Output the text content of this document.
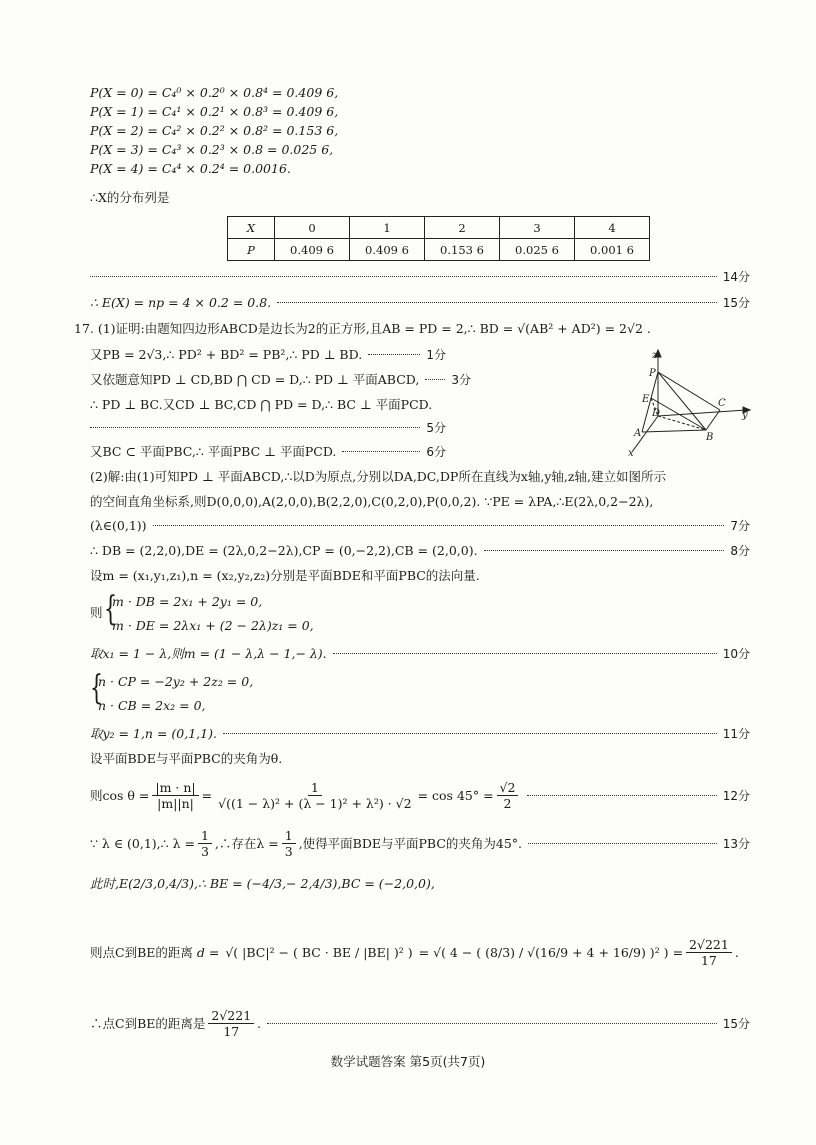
P(X = 0) = C₄⁰ × 0.2⁰ × 0.8⁴ = 0.409 6,
P(X = 1) = C₄¹ × 0.2¹ × 0.8³ = 0.409 6,
P(X = 2) = C₄² × 0.2² × 0.8² = 0.153 6,
P(X = 3) = C₄³ × 0.2³ × 0.8 = 0.025 6,
P(X = 4) = C₄⁴ × 0.2⁴ = 0.0016.
∴X的分布列是
X	0	1	2	3	4
P	0.409 6	0.409 6	0.153 6	0.025 6	0.001 6
14分
∴ E(X) = np = 4 × 0.2 = 0.8.	15分
17. (1)证明:由题知四边形ABCD是边长为2的正方形,且AB = PD = 2,∴ BD = √(AB² + AD²) = 2√2 .
又PB = 2√3,∴ PD² + BD² = PB²,∴ PD ⊥ BD.	1分
又依题意知PD ⊥ CD,BD ⋂ CD = D,∴ PD ⊥ 平面ABCD,	3分
∴ PD ⊥ BC.又CD ⊥ BC,CD ⋂ PD = D,∴ BC ⊥ 平面PCD.
5分
又BC ⊂ 平面PBC,∴ 平面PBC ⊥ 平面PCD.	6分
z
P
E
D
C
y
A	B
x
(2)解:由(1)可知PD ⊥ 平面ABCD,∴以D为原点,分别以DA,DC,DP所在直线为x轴,y轴,z轴,建立如图所示
的空间直角坐标系,则D(0,0,0),A(2,0,0),B(2,2,0),C(0,2,0),P(0,0,2). ∵PE = λPA,∴E(2λ,0,2−2λ),
(λ∈(0,1))	7分
∴ DB = (2,2,0),DE = (2λ,0,2−2λ),CP = (0,−2,2),CB = (2,0,0).	8分
设m = (x₁,y₁,z₁),n = (x₂,y₂,z₂)分别是平面BDE和平面PBC的法向量.
则 {
m · DB = 2x₁ + 2y₁ = 0,
m · DE = 2λx₁ + (2 − 2λ)z₁ = 0,
取x₁ = 1 − λ,则m = (1 − λ,λ − 1,− λ).	10分
{
n · CP = −2y₂ + 2z₂ = 0,
n · CB = 2x₂ = 0,
取y₂ = 1,n = (0,1,1).	11分
设平面BDE与平面PBC的夹角为θ.
则$\cos \theta = \frac{|m \cdot n|}{|m||n|} = \frac{1}{\text{√((1 − λ)² + (λ − 1)² + λ²) · √2}} = \cos 45^\circ = \frac{√2}{2}$	12分
∵ λ ∈ (0,1),∴ $\lambda = \frac{1}{3}$ ,∴存在$\lambda = \frac{1}{3}$ ,使得平面BDE与平面PBC的夹角为45°.	13分
此时,E(2/3,0,4/3),∴ BE = (−4/3,− 2,4/3),BC = (−2,0,0),
则点C到BE的距离 d = √( |BC|² − ( BC · BE / |BE| )² ) = √( 4 − ( (8/3) / √(16/9 + 4 + 16/9) )² ) = $\frac{2√221}{17}$ .
∴点C到BE的距离是 $\frac{2√221}{17}$ .	15分
数学试题答案 第5页(共7页)
